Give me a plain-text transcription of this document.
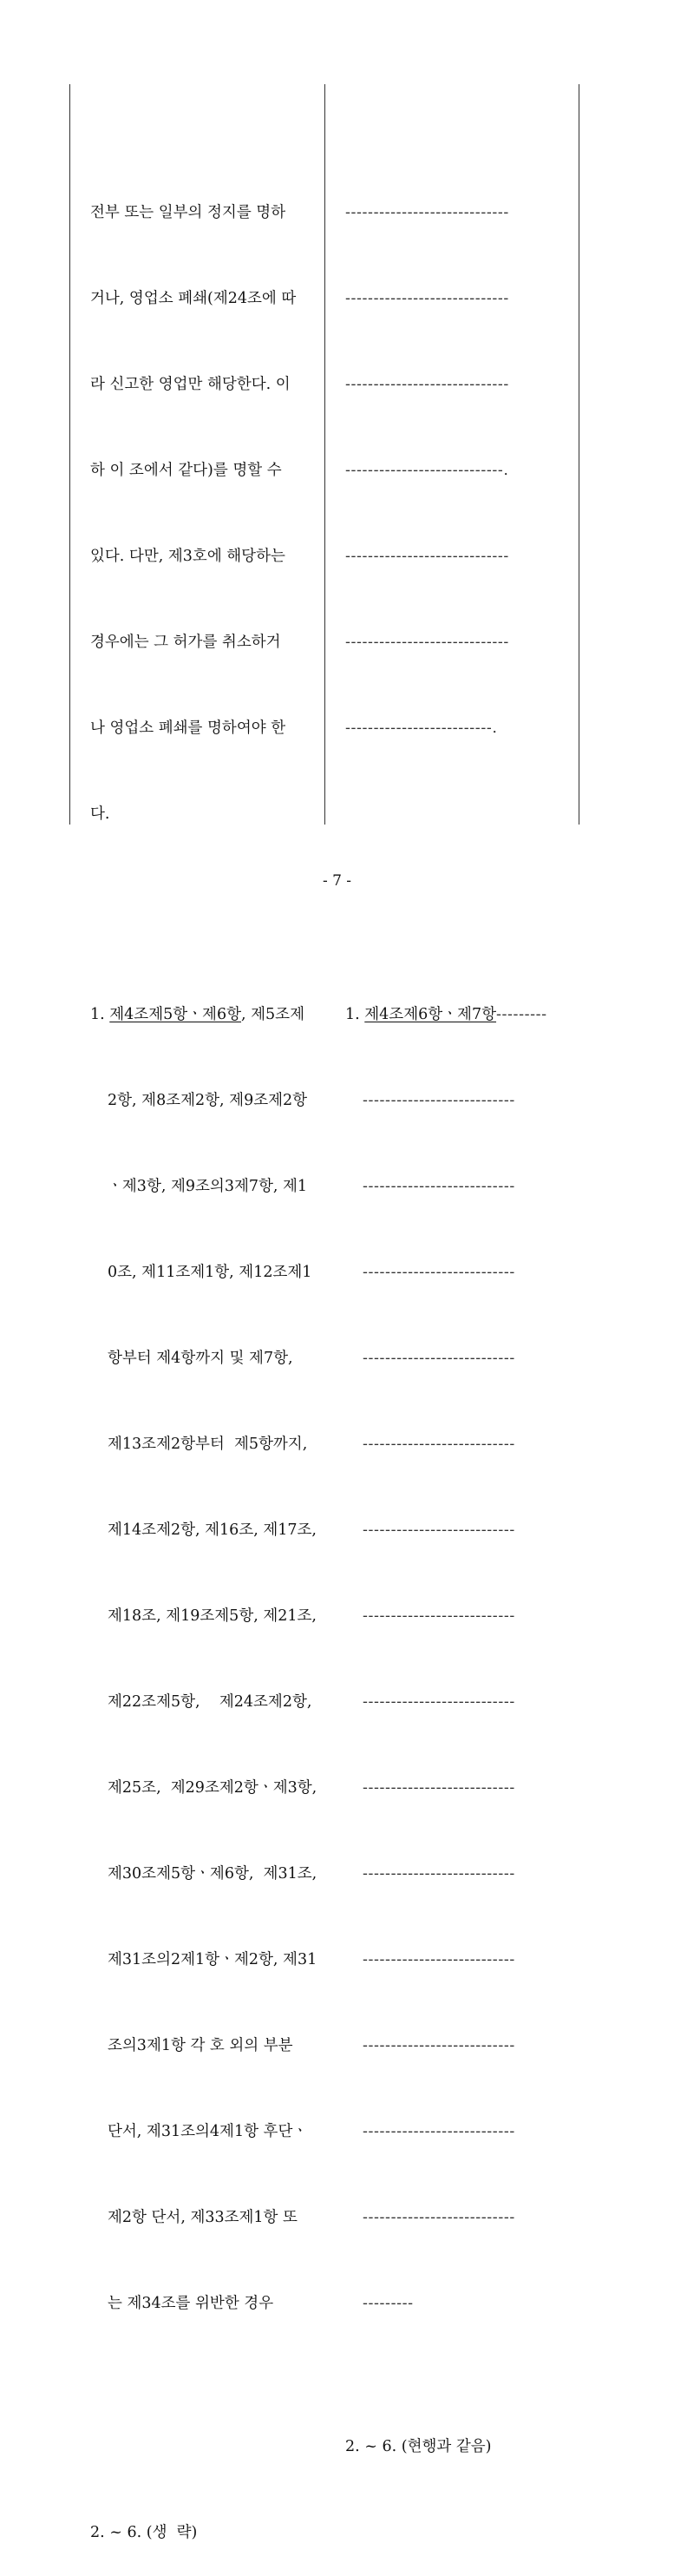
전부 또는 일부의 정지를 명하

거나, 영업소 폐쇄(제24조에 따

라 신고한 영업만 해당한다. 이

하 이 조에서 같다)를 명할 수

있다. 다만, 제3호에 해당하는

경우에는 그 허가를 취소하거

나 영업소 폐쇄를 명하여야 한

다.

1. 제4조제5항ㆍ제6항, 제5조제

2항, 제8조제2항, 제9조제2항

ㆍ제3항, 제9조의3제7항, 제1

0조, 제11조제1항, 제12조제1

항부터 제4항까지 및 제7항,

제13조제2항부터  제5항까지,

제14조제2항, 제16조, 제17조,

제18조, 제19조제5항, 제21조,

제22조제5항,    제24조제2항,

제25조,  제29조제2항ㆍ제3항,

제30조제5항ㆍ제6항,  제31조,

제31조의2제1항ㆍ제2항, 제31

조의3제1항 각 호 외의 부분

단서, 제31조의4제1항 후단ㆍ

제2항 단서, 제33조제1항 또

는 제34조를 위반한 경우

2. ~ 6. (생  략)

-----------------------------

-----------------------------

-----------------------------

----------------------------.

-----------------------------

-----------------------------

--------------------------.

1. 제4조제6항ㆍ제7항---------

---------------------------

---------------------------

---------------------------

---------------------------

---------------------------

---------------------------

---------------------------

---------------------------

---------------------------

---------------------------

---------------------------

---------------------------

---------------------------

---------------------------

---------

2. ~ 6. (현행과 같음)

- 7 -
